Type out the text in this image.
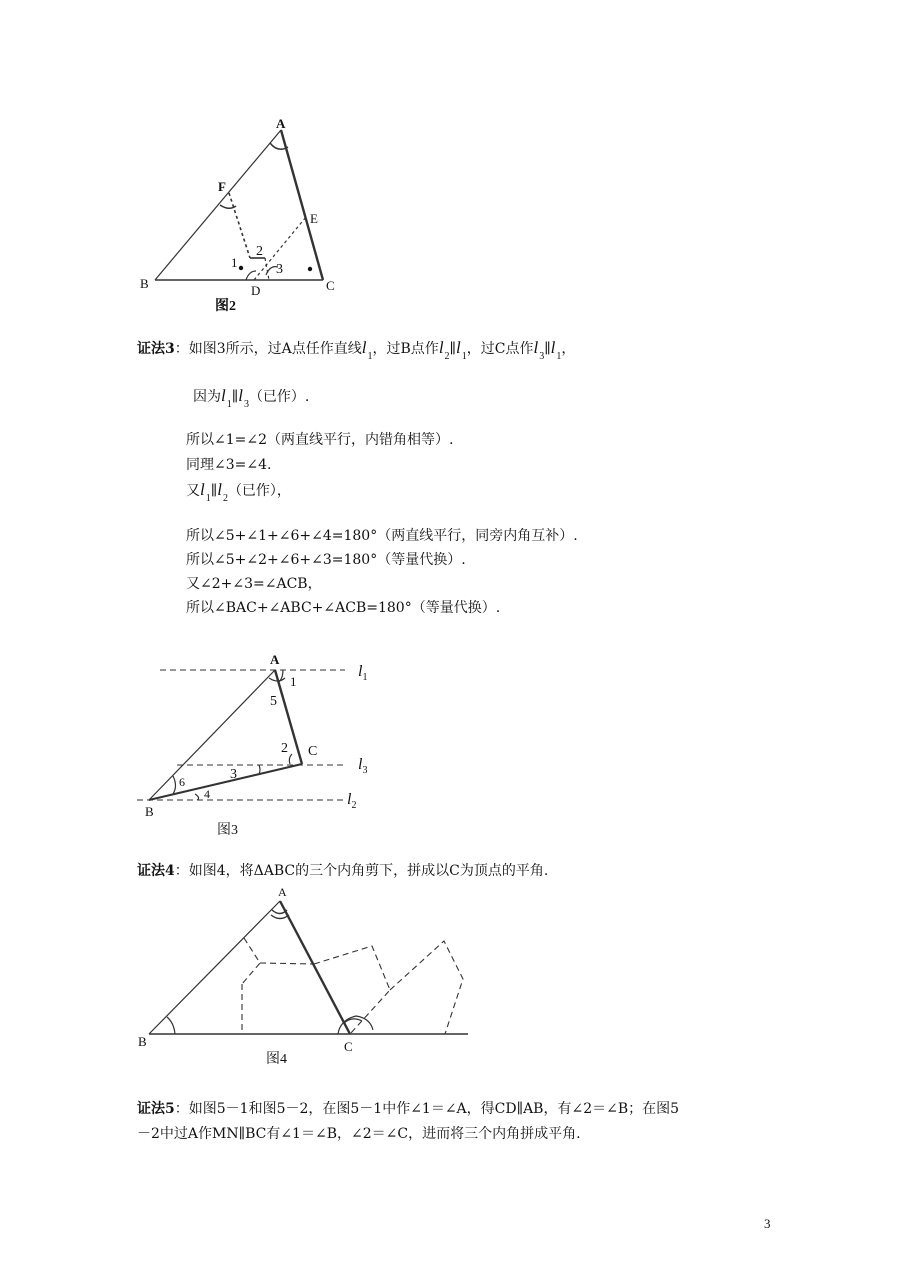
A
B	C
D
E
F
1
2
3
图2
证法3：如图3所示，过A点任作直线$l_1$，过B点作$l_2\parallel l_1$，过C点作$l_3\parallel l_1$，
因为$l_1\parallel l_3$（已作）.
所以∠1=∠2（两直线平行，内错角相等）.
同理∠3=∠4.
又$l_1\parallel l_2$（已作），
所以∠5+∠1+∠6+∠4=180°（两直线平行，同旁内角互补）.
所以∠5+∠2+∠6+∠3=180°（等量代换）.
又∠2+∠3=∠ACB，
所以∠BAC+∠ABC+∠ACB=180°（等量代换）.
A
B
C
1
5
2
3
6
4
$l_1$
$l_3$
$l_2$
图3
证法4：如图4，将ΔABC的三个内角剪下，拼成以C为顶点的平角.
A
B	C
图4
证法5：如图5－1和图5－2，在图5－1中作∠1＝∠A，得CD∥AB，有∠2＝∠B；在图5
－2中过A作MN∥BC有∠1＝∠B，∠2＝∠C，进而将三个内角拼成平角.
3
